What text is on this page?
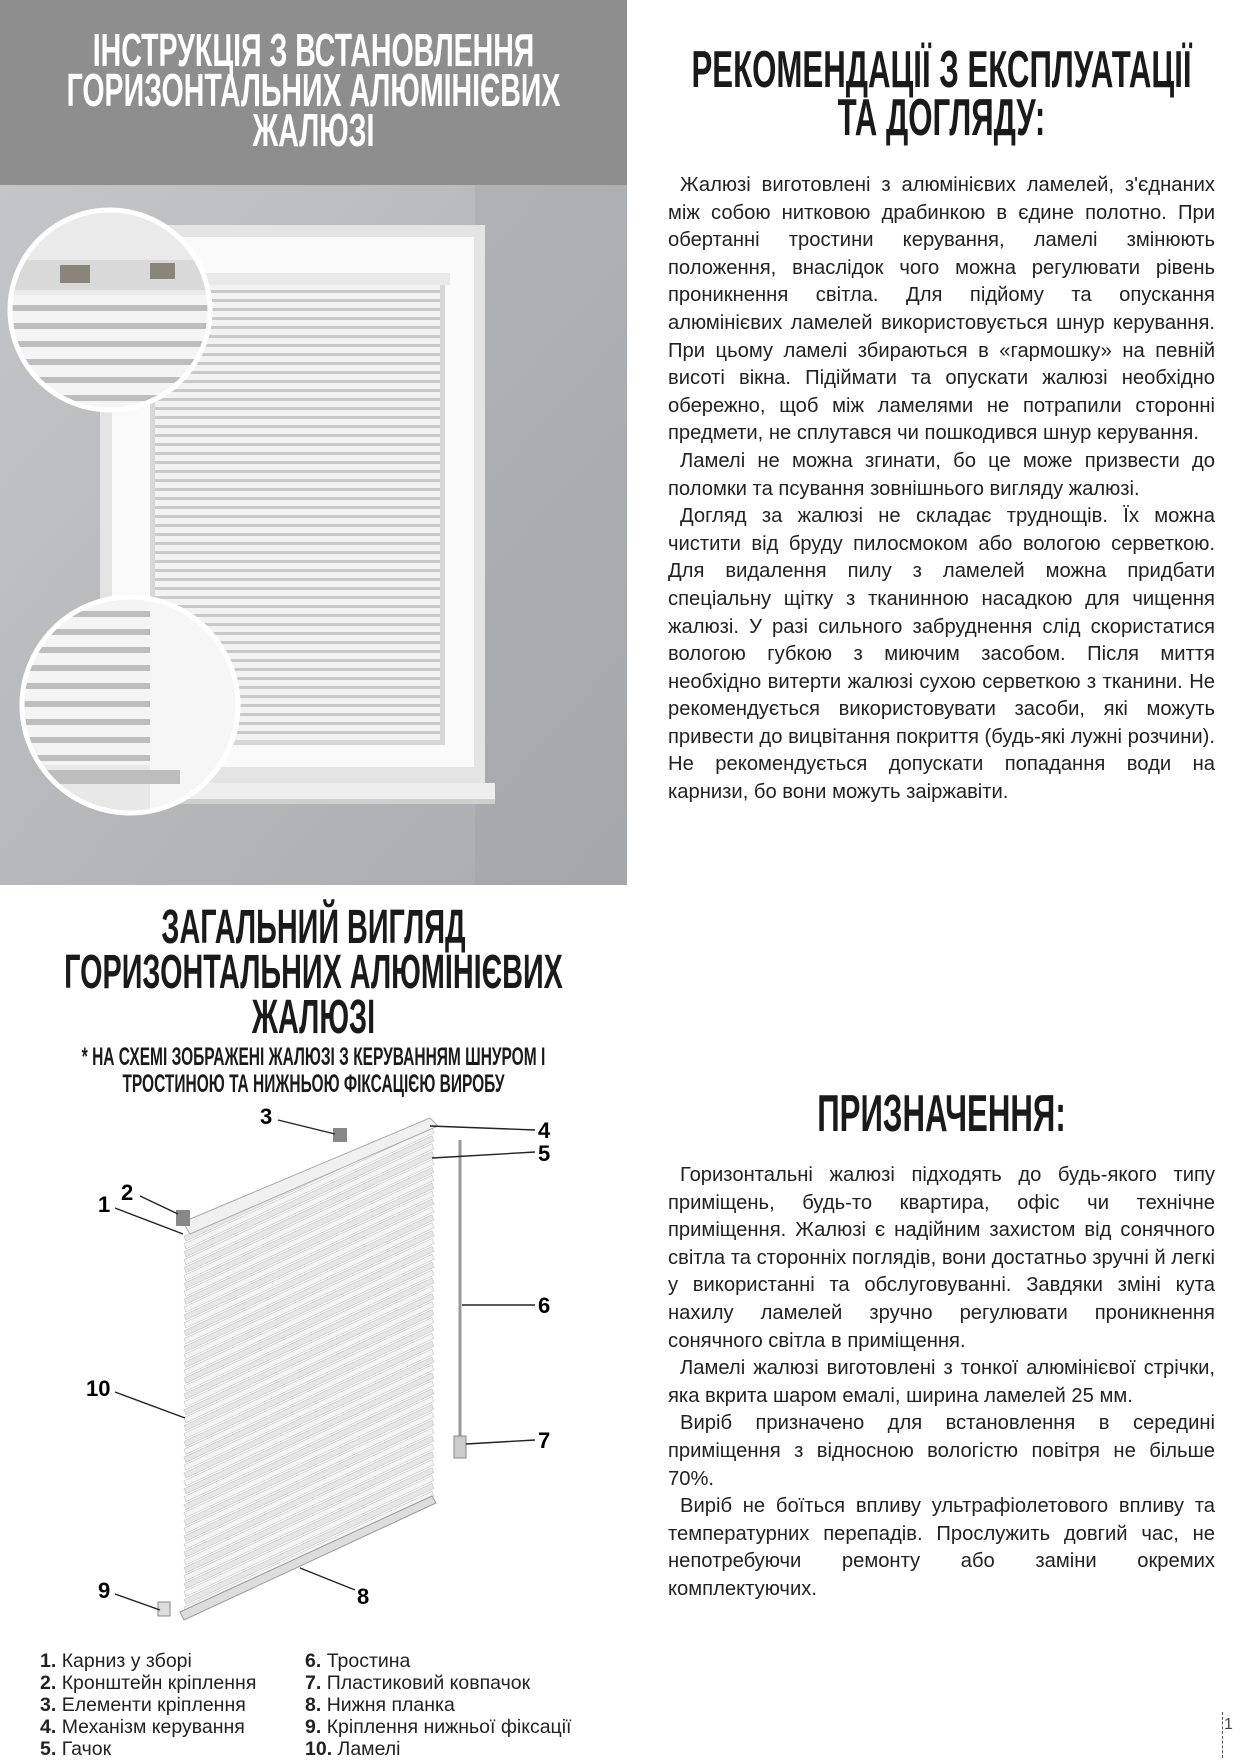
ІНСТРУКЦІЯ З ВСТАНОВЛЕННЯ
ГОРИЗОНТАЛЬНИХ АЛЮМІНІЄВИХ
ЖАЛЮЗІ
ЗАГАЛЬНИЙ ВИГЛЯД
ГОРИЗОНТАЛЬНИХ АЛЮМІНІЄВИХ
ЖАЛЮЗІ
* НА СХЕМІ ЗОБРАЖЕНІ ЖАЛЮЗІ З КЕРУВАННЯМ ШНУРОМ І
ТРОСТИНОЮ ТА НИЖНЬОЮ ФІКСАЦІЄЮ ВИРОБУ
3
4
5
1 2
6
10
7
9	8
1. Карниз у зборі
2. Кронштейн кріплення
3. Елементи кріплення
4. Механізм керування
5. Гачок
6. Тростина
7. Пластиковий ковпачок
8. Нижня планка
9. Кріплення нижньої фіксації
10. Ламелі
РЕКОМЕНДАЦІЇ З ЕКСПЛУАТАЦІЇ
ТА ДОГЛЯДУ:

Жалюзі виготовлені з алюмінієвих ламелей, з'єднаних між собою нитковою драбинкою в єдине полотно. При обертанні тростини керування, ламелі змінюють положення, внаслідок чого можна регулювати рівень проникнення світла. Для підйому та опускання алюмінієвих ламелей використовується шнур керування. При цьому ламелі збираються в «гармошку» на певній висоті вікна. Підіймати та опускати жалюзі необхідно обережно, щоб між ламелями не потрапили сторонні предмети, не сплутався чи пошкодився шнур керування.

Ламелі не можна згинати, бо це може призвести до поломки та псування зовнішнього вигляду жалюзі.

Догляд за жалюзі не складає труднощів. Їх можна чистити від бруду пилосмоком або вологою серветкою. Для видалення пилу з ламелей можна придбати спеціальну щітку з тканинною насадкою для чищення жалюзі. У разі сильного забруднення слід скористатися вологою губкою з миючим засобом. Після миття необхідно витерти жалюзі сухою серветкою з тканини. Не рекомендується використовувати засоби, які можуть привести до вицвітання покриття (будь-які лужні розчини). Не рекомендується допускати попадання води на карнизи, бо вони можуть заіржавіти.

ПРИЗНАЧЕННЯ:

Горизонтальні жалюзі підходять до будь-якого типу приміщень, будь-то квартира, офіс чи технічне приміщення. Жалюзі є надійним захистом від сонячного світла та сторонніх поглядів, вони достатньо зручні й легкі у використанні та обслуговуванні. Завдяки зміні кута нахилу ламелей зручно регулювати проникнення сонячного світла в приміщення.

Ламелі жалюзі виготовлені з тонкої алюмінієвої стрічки, яка вкрита шаром емалі, ширина ламелей 25 мм.

Виріб призначено для встановлення в середині приміщення з відносною вологістю повітря не більше 70%.

Виріб не боїться впливу ультрафіолетового впливу та температурних перепадів. Прослужить довгий час, не непотребуючи ремонту або заміни окремих комплектуючих.

1
